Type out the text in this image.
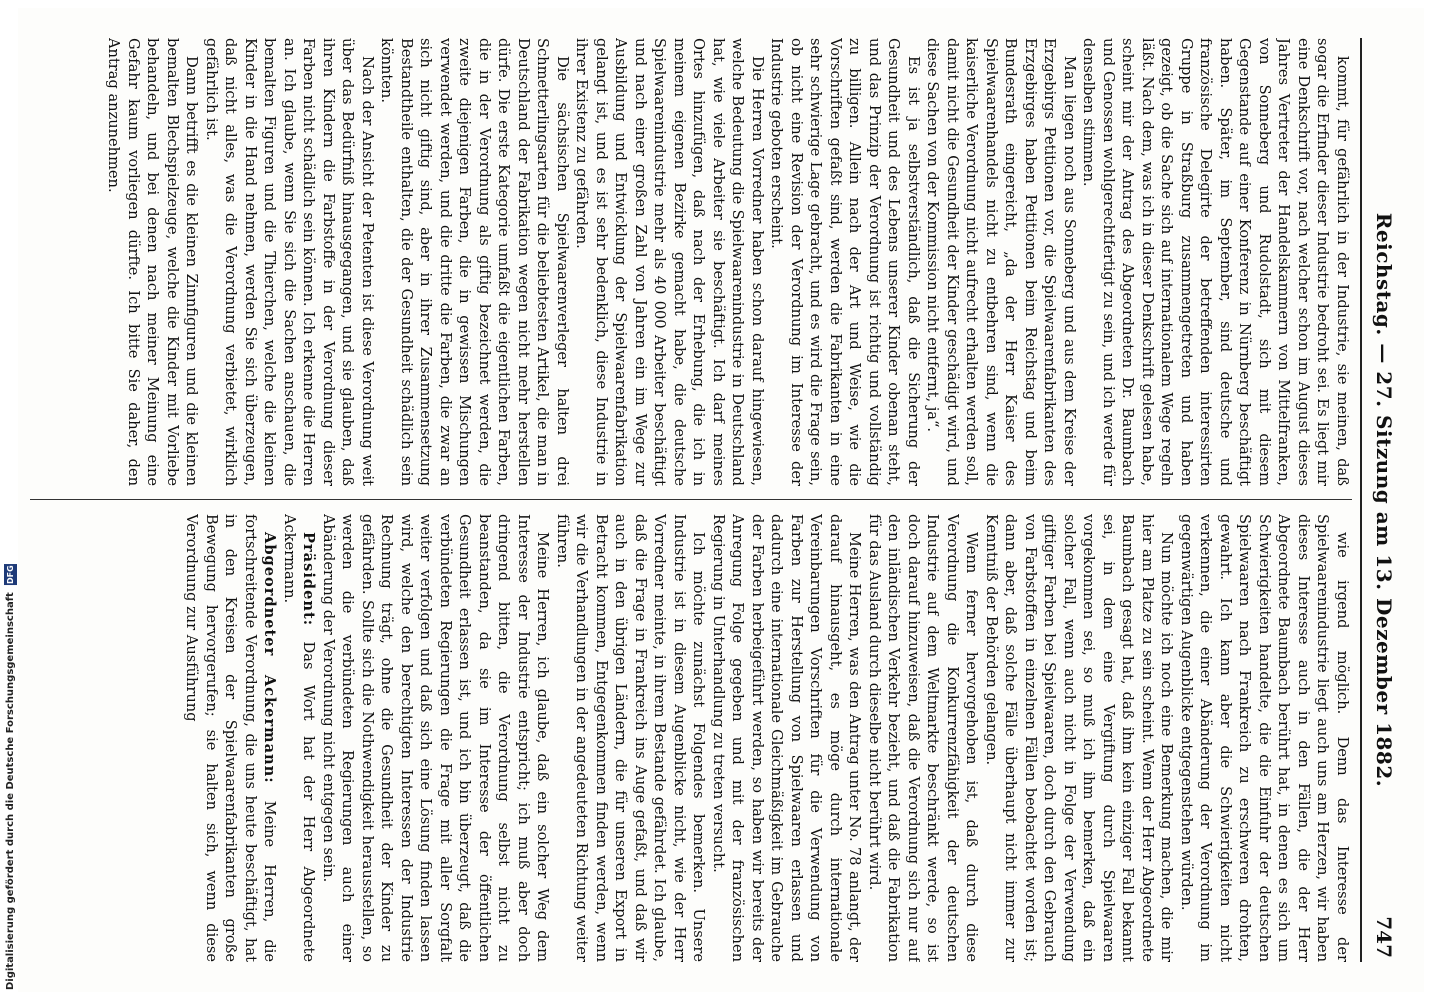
Reichstag. — 27. Sitzung am 13. Dezember 1882.
747

kommt, für gefährlich in der Industrie, sie meinen, daß sogar die Erfinder dieser Industrie bedroht sei. Es liegt mir eine Denkschrift vor, nach welcher schon im August dieses Jahres Vertreter der Handelskammern von Mittelfranken, von Sonneberg und Rudolstadt, sich mit diesem Gegenstande auf einer Konferenz in Nürnberg beschäftigt haben. Später, im September, sind deutsche und französische Delegirte der betreffenden interessirten Gruppe in Straßburg zusammengetreten und haben gezeigt, ob die Sache sich auf internationalem Wege regeln läßt. Nach dem, was ich in dieser Denkschrift gelesen habe, scheint mir der Antrag des Abgeordneten Dr. Baumbach und Genossen wohlgerechtfertigt zu sein, und ich werde für denselben stimmen.

Man liegen noch aus Sonneberg und aus dem Kreise der Erzgebirgs Petitionen vor, die Spielwaarenfabrikanten des Erzgebirges haben Petitionen beim Reichstag und beim Bundesrath eingereicht, „da der Herr Kaiser des Spielwaarenhandels nicht zu entbehren sind, wenn die kaiserliche Verordnung nicht aufrecht erhalten werden soll, damit nicht die Gesundheit der Kinder geschädigt wird, und diese Sachen von der Kommission nicht entfernt, ja“.

Es ist ja selbstverständlich, daß die Sicherung der Gesundheit und des Lebens unserer Kinder obenan steht, und das Prinzip der Verordnung ist richtig und vollständig zu billigen. Allein nach der Art und Weise, wie die Vorschriften gefaßt sind, werden die Fabrikanten in eine sehr schwierige Lage gebracht, und es wird die Frage sein, ob nicht eine Revision der Verordnung im Interesse der Industrie geboten erscheint.

Die Herren Vorredner haben schon darauf hingewiesen, welche Bedeutung die Spielwaarenindustrie in Deutschland hat, wie viele Arbeiter sie beschäftigt. Ich darf meines Ortes hinzufügen, daß nach der Erhebung, die ich in meinem eigenen Bezirke gemacht habe, die deutsche Spielwaarenindustrie mehr als 40 000 Arbeiter beschäftigt und nach einer großen Zahl von Jahren ein im Wege zur Ausbildung und Entwicklung der Spielwaarenfabrikation gelangt ist, und es ist sehr bedenklich, diese Industrie in ihrer Existenz zu gefährden.

Die sächsischen Spielwaarenverleger halten drei Schmetterlingsarten für die beliebtesten Artikel, die man in Deutschland der Fabrikation wegen nicht mehr herstellen dürfe. Die erste Kategorie umfaßt die eigentlichen Farben, die in der Verordnung als giftig bezeichnet werden, die zweite diejenigen Farben, die in gewissen Mischungen verwendet werden, und die dritte die Farben, die zwar an sich nicht giftig sind, aber in ihrer Zusammensetzung Bestandtheile enthalten, die der Gesundheit schädlich sein könnten.

Nach der Ansicht der Petenten ist diese Verordnung weit über das Bedürfniß hinausgegangen, und sie glauben, daß ihren Kindern die Farbstoffe in der Verordnung dieser Farben nicht schädlich sein können. Ich erkenne die Herren an. Ich glaube, wenn Sie sich die Sachen anschauen, die bemalten Figuren und die Thierchen, welche die kleinen Kinder in die Hand nehmen, werden Sie sich überzeugen, daß nicht alles, was die Verordnung verbietet, wirklich gefährlich ist.

Dann betrifft es die kleinen Zinnfiguren und die kleinen bemalten Blechspielzeuge, welche die Kinder mit Vorliebe behandeln, und bei denen nach meiner Meinung eine Gefahr kaum vorliegen dürfte. Ich bitte Sie daher, den Antrag anzunehmen.

wie irgend möglich. Denn das Interesse der Spielwaarenindustrie liegt auch uns am Herzen, wir haben dieses Interesse auch in den Fällen, die der Herr Abgeordnete Baumbach berührt hat, in denen es sich um Schwierigkeiten handelte, die die Einfuhr der deutschen Spielwaaren nach Frankreich zu erschweren drohten, gewahrt. Ich kann aber die Schwierigkeiten nicht verkennen, die einer Abänderung der Verordnung im gegenwärtigen Augenblicke entgegenstehen würden.

Nun möchte ich noch eine Bemerkung machen, die mir hier am Platze zu sein scheint. Wenn der Herr Abgeordnete Baumbach gesagt hat, daß ihm kein einziger Fall bekannt sei, in dem eine Vergiftung durch Spielwaaren vorgekommen sei, so muß ich ihm bemerken, daß ein solcher Fall, wenn auch nicht in Folge der Verwendung giftiger Farben bei Spielwaaren, doch durch den Gebrauch von Farbstoffen in einzelnen Fällen beobachtet worden ist; dann aber, daß solche Fälle überhaupt nicht immer zur Kenntniß der Behörden gelangen.

Wenn ferner hervorgehoben ist, daß durch diese Verordnung die Konkurrenzfähigkeit der deutschen Industrie auf dem Weltmarkte beschränkt werde, so ist doch darauf hinzuweisen, daß die Verordnung sich nur auf den inländischen Verkehr bezieht, und daß die Fabrikation für das Ausland durch dieselbe nicht berührt wird.

Meine Herren, was den Antrag unter No. 78 anlangt, der darauf hinausgeht, es möge durch internationale Vereinbarungen Vorschriften für die Verwendung von Farben zur Herstellung von Spielwaaren erlassen und dadurch eine internationale Gleichmäßigkeit im Gebrauche der Farben herbeigeführt werden, so haben wir bereits der Anregung Folge gegeben und mit der französischen Regierung in Unterhandlung zu treten versucht.

Ich möchte zunächst Folgendes bemerken. Unsere Industrie ist in diesem Augenblicke nicht, wie der Herr Vorredner meinte, in ihrem Bestande gefährdet. Ich glaube, daß die Frage in Frankreich ins Auge gefaßt, und daß wir auch in den übrigen Ländern, die für unseren Export in Betracht kommen, Entgegenkommen finden werden, wenn wir die Verhandlungen in der angedeuteten Richtung weiter führen.

Meine Herren, ich glaube, daß ein solcher Weg dem Interesse der Industrie entspricht; ich muß aber doch dringend bitten, die Verordnung selbst nicht zu beanstanden, da sie im Interesse der öffentlichen Gesundheit erlassen ist, und ich bin überzeugt, daß die verbündeten Regierungen die Frage mit aller Sorgfalt weiter verfolgen und daß sich eine Lösung finden lassen wird, welche den berechtigten Interessen der Industrie Rechnung trägt, ohne die Gesundheit der Kinder zu gefährden. Sollte sich die Nothwendigkeit herausstellen, so werden die verbündeten Regierungen auch einer Abänderung der Verordnung nicht entgegen sein.

Präsident: Das Wort hat der Herr Abgeordnete Ackermann.

Abgeordneter Ackermann: Meine Herren, die fortschreitende Verordnung, die uns heute beschäftigt, hat in den Kreisen der Spielwaarenfabrikanten große Bewegung hervorgerufen; sie halten sich, wenn diese Verordnung zur Ausführung

Digitalisierung gefördert durch die Deutsche Forschungsgemeinschaft DFG
